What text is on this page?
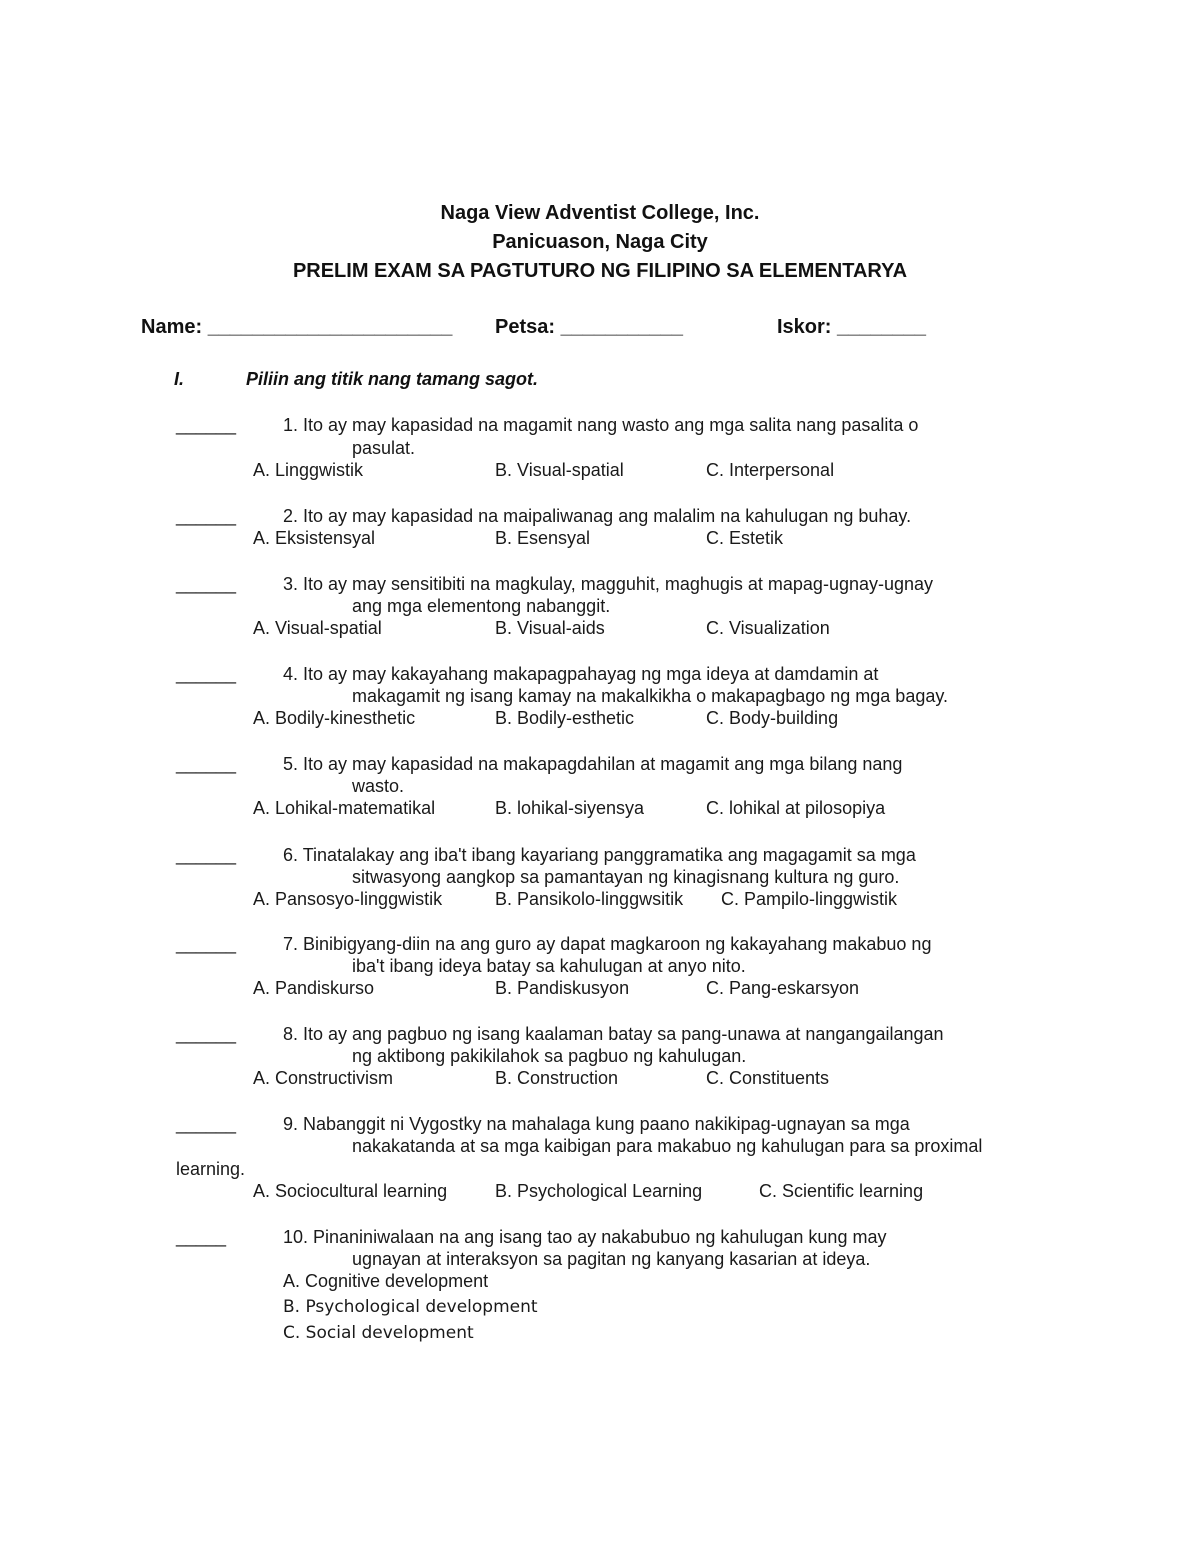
Naga View Adventist College, Inc.
Panicuason, Naga City
PRELIM EXAM SA PAGTUTURO NG FILIPINO SA ELEMENTARYA
Name: ______________________ Petsa: ___________	Iskor: ________
I.	Piliin ang titik nang tamang sagot.
______	1. Ito ay may kapasidad na magamit nang wasto ang mga salita nang pasalita o
pasulat.
A. Linggwistik	B. Visual-spatial	C. Interpersonal
______	2. Ito ay may kapasidad na maipaliwanag ang malalim na kahulugan ng buhay.
A. Eksistensyal	B. Esensyal	C. Estetik
______	3. Ito ay may sensitibiti na magkulay, magguhit, maghugis at mapag-ugnay-ugnay
ang mga elementong nabanggit.
A. Visual-spatial	B. Visual-aids	C. Visualization
______	4. Ito ay may kakayahang makapagpahayag ng mga ideya at damdamin at
makagamit ng isang kamay na makalkikha o makapagbago ng mga bagay.
A. Bodily-kinesthetic	B. Bodily-esthetic	C. Body-building
______	5. Ito ay may kapasidad na makapagdahilan at magamit ang mga bilang nang
wasto.
A. Lohikal-matematikal	B. lohikal-siyensya	C. lohikal at pilosopiya
______	6. Tinatalakay ang iba't ibang kayariang panggramatika ang magagamit sa mga
sitwasyong aangkop sa pamantayan ng kinagisnang kultura ng guro.
A. Pansosyo-linggwistik	B. Pansikolo-linggwsitik C. Pampilo-linggwistik
______	7. Binibigyang-diin na ang guro ay dapat magkaroon ng kakayahang makabuo ng
iba't ibang ideya batay sa kahulugan at anyo nito.
A. Pandiskurso	B. Pandiskusyon	C. Pang-eskarsyon
______	8. Ito ay ang pagbuo ng isang kaalaman batay sa pang-unawa at nangangailangan
ng aktibong pakikilahok sa pagbuo ng kahulugan.
A. Constructivism	B. Construction	C. Constituents
______	9. Nabanggit ni Vygostky na mahalaga kung paano nakikipag-ugnayan sa mga
nakakatanda at sa mga kaibigan para makabuo ng kahulugan para sa proximal
learning.
A. Sociocultural learning	B. Psychological Learning	C. Scientific learning
_____	10. Pinaniniwalaan na ang isang tao ay nakabubuo ng kahulugan kung may
ugnayan at interaksyon sa pagitan ng kanyang kasarian at ideya.
A. Cognitive development
B. Psychological development
C. Social development
